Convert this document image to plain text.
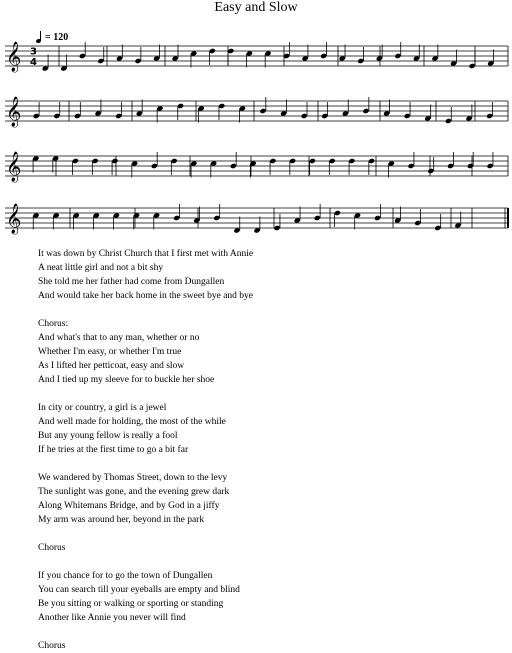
Easy and Slow
= 120
𝄞
𝄞
𝄞
𝄞
3
4
It was down by Christ Church that I first met with Annie
A neat little girl and not a bit shy
She told me her father had come from Dungallen
And would take her back home in the sweet bye and bye
Chorus:
And what's that to any man, whether or no
Whether I'm easy, or whether I'm true
As I lifted her petticoat, easy and slow
And I tied up my sleeve for to buckle her shoe
In city or country, a girl is a jewel
And well made for holding, the most of the while
But any young fellow is really a fool
If he tries at the first time to go a bit far
We wandered by Thomas Street, down to the levy
The sunlight was gone, and the evening grew dark
Along Whitemans Bridge, and by God in a jiffy
My arm was around her, beyond in the park
Chorus
If you chance for to go the town of Dungallen
You can search till your eyeballs are empty and blind
Be you sitting or walking or sporting or standing
Another like Annie you never will find
Chorus
